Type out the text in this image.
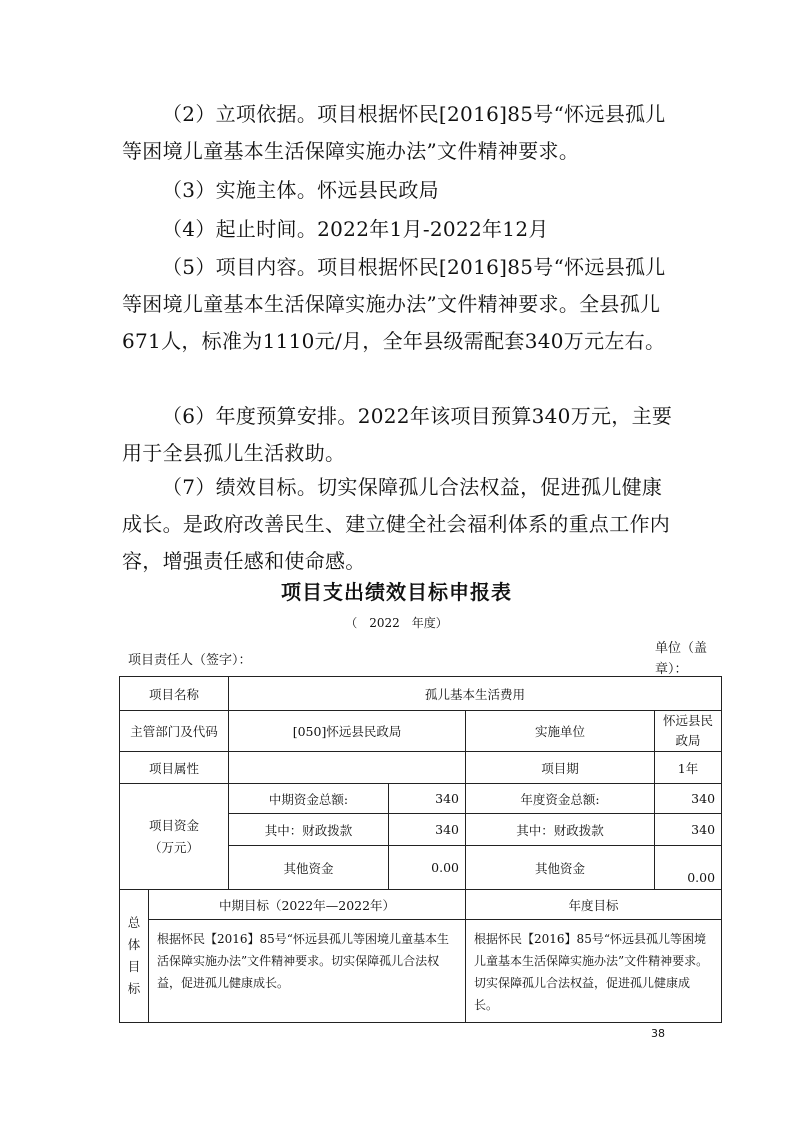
（2）立项依据。项目根据怀民[2016]85号“怀远县孤儿等困境儿童基本生活保障实施办法”文件精神要求。

（3）实施主体。怀远县民政局

（4）起止时间。2022年1月-2022年12月

（5）项目内容。项目根据怀民[2016]85号“怀远县孤儿等困境儿童基本生活保障实施办法”文件精神要求。全县孤儿671人，标准为1110元/月，全年县级需配套340万元左右。

（6）年度预算安排。2022年该项目预算340万元，主要用于全县孤儿生活救助。

（7）绩效目标。切实保障孤儿合法权益，促进孤儿健康成长。是政府改善民生、建立健全社会福利体系的重点工作内容，增强责任感和使命感。

项目支出绩效目标申报表
（　2022　年度）
项目责任人（签字）：
单位（盖章）：
项目名称		孤儿基本生活费用			
主管部门及代码		[050]怀远县民政局		实施单位	怀远县民政局
项目属性				项目期	1年
项目资金（万元）		中期资金总额:	340	年度资金总额:	340
		其中：财政拨款	340	其中：财政拨款	340
		其他资金	0.00	其他资金	0.00

总体目标	中期目标（2022年—2022年）			年度目标	
	根据怀民【2016】85号“怀远县孤儿等困境儿童基本生活保障实施办法”文件精神要求。切实保障孤儿合法权益，促进孤儿健康成长。			根据怀民【2016】85号“怀远县孤儿等困境儿童基本生活保障实施办法”文件精神要求。切实保障孤儿合法权益，促进孤儿健康成长。	
38
